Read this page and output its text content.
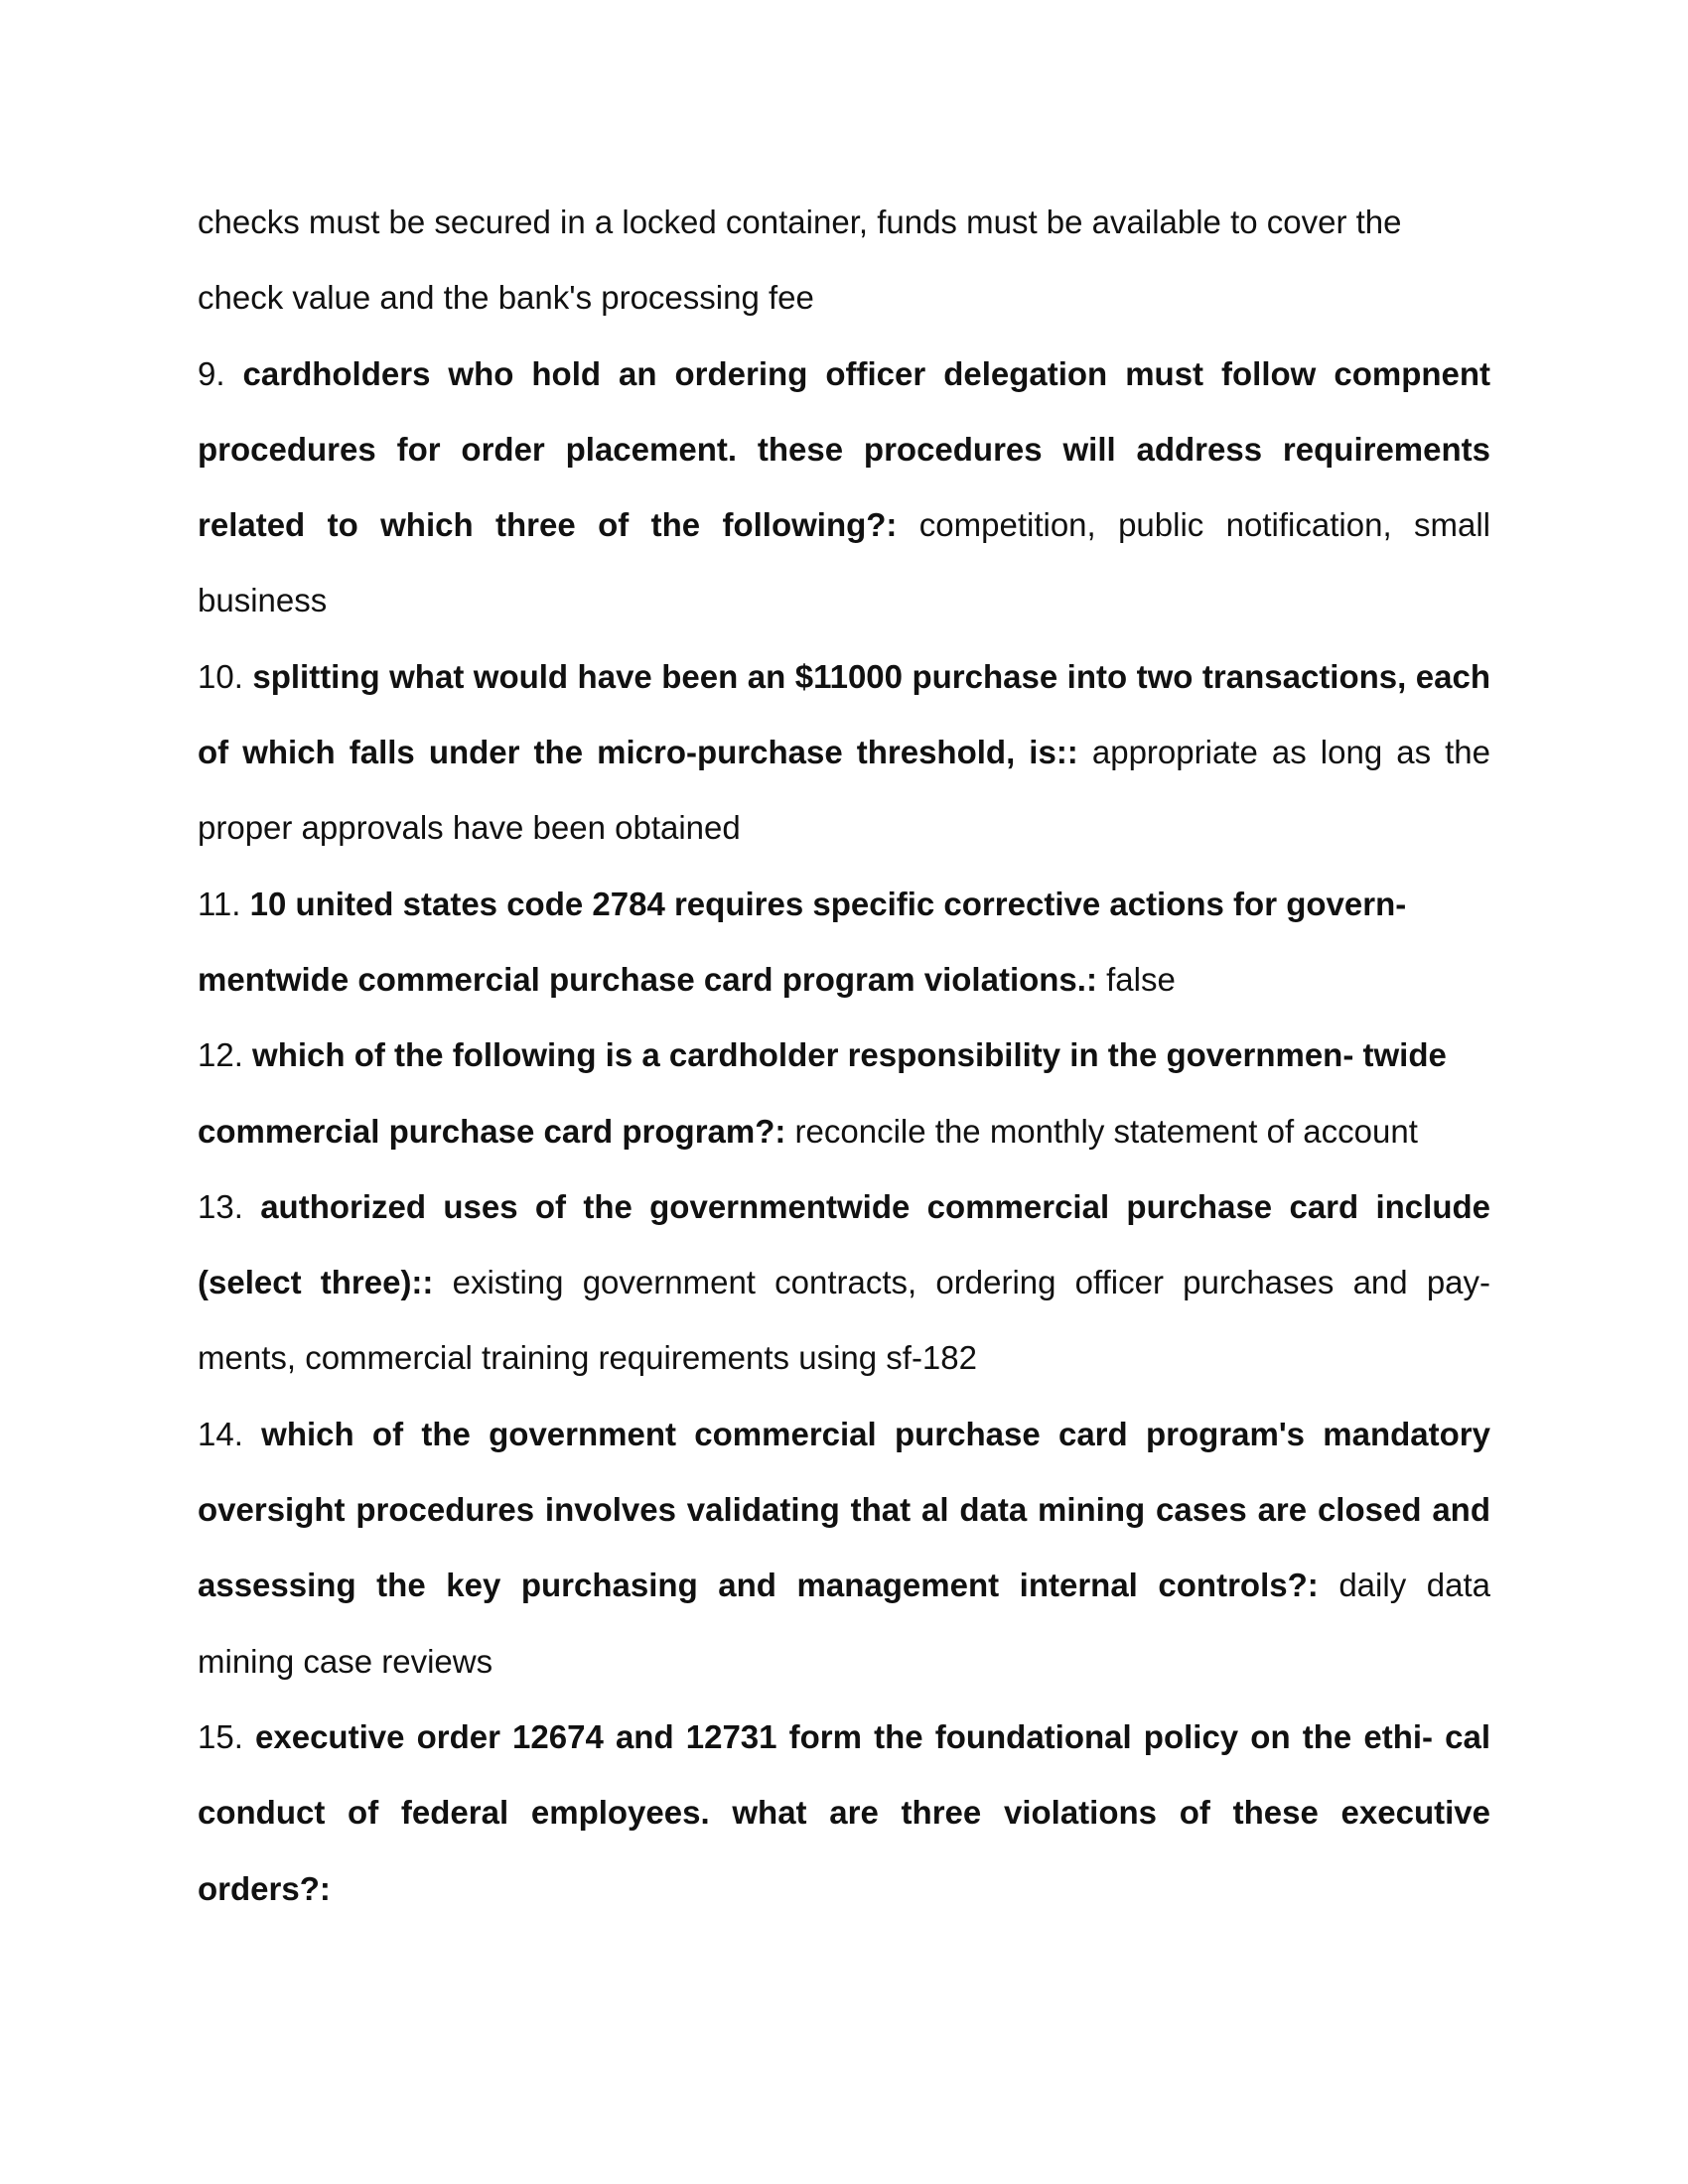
checks must be secured in a locked container, funds must be available to cover the check value and the bank's processing fee

9. cardholders who hold an ordering officer delegation must follow compnent procedures for order placement. these procedures will address requirements related to which three of the following?: competition, public notification, small business

10. splitting what would have been an $11000 purchase into two transactions, each of which falls under the micro-purchase threshold, is:: appropriate as long as the proper approvals have been obtained

11. 10 united states code 2784 requires specific corrective actions for govern- mentwide commercial purchase card program violations.: false

12. which of the following is a cardholder responsibility in the governmen- twide commercial purchase card program?: reconcile the monthly statement of account

13. authorized uses of the governmentwide commercial purchase card include (select three):: existing government contracts, ordering officer purchases and pay- ments, commercial training requirements using sf-182

14. which of the government commercial purchase card program's mandatory oversight procedures involves validating that al data mining cases are closed and assessing the key purchasing and management internal controls?: daily data mining case reviews

15. executive order 12674 and 12731 form the foundational policy on the ethi- cal conduct of federal employees. what are three violations of these executive orders?:
